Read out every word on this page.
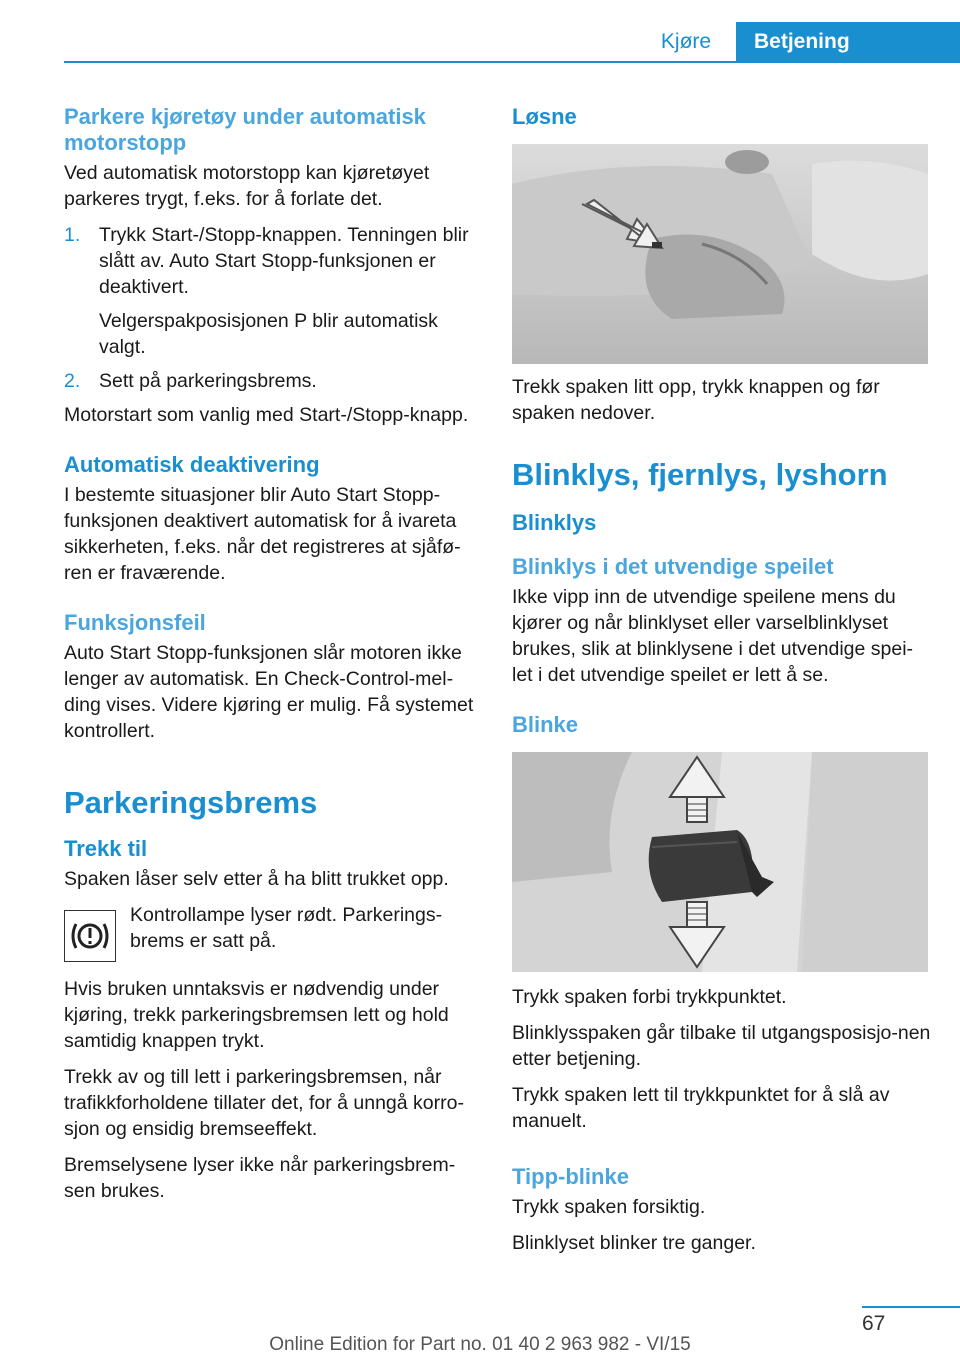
Kjøre	Betjening
Parkere kjøretøy under automatisk motorstopp

Ved automatisk motorstopp kan kjøretøyet parkeres trygt, f.eks. for å forlate det.

1. Trykk Start-/Stopp-knappen. Tenningen blir slått av. Auto Start Stopp-funksjonen er deaktivert.

Velgerspakposisjonen P blir automatisk valgt.

2. Sett på parkeringsbrems.

Motorstart som vanlig med Start-/Stopp-knapp.

Automatisk deaktivering

I bestemte situasjoner blir Auto Start Stopp-funksjonen deaktivert automatisk for å ivareta sikkerheten, f.eks. når det registreres at sjåfø-ren er fraværende.

Funksjonsfeil

Auto Start Stopp-funksjonen slår motoren ikke lenger av automatisk. En Check-Control-mel-ding vises. Videre kjøring er mulig. Få systemet kontrollert.

Parkeringsbrems
Trekk til

Spaken låser selv etter å ha blitt trukket opp.

Kontrollampe lyser rødt. Parkerings-brems er satt på.

Hvis bruken unntaksvis er nødvendig under kjøring, trekk parkeringsbremsen lett og hold samtidig knappen trykt.

Trekk av og till lett i parkeringsbremsen, når trafikkforholdene tillater det, for å unngå korro-sjon og ensidig bremseeffekt.

Bremselysene lyser ikke når parkeringsbrem-sen brukes.

Løsne

Trekk spaken litt opp, trykk knappen og før spaken nedover.

Blinklys, fjernlys, lyshorn
Blinklys
Blinklys i det utvendige speilet

Ikke vipp inn de utvendige speilene mens du kjører og når blinklyset eller varselblinklyset brukes, slik at blinklysene i det utvendige spei-let i det utvendige speilet er lett å se.

Blinke

Trykk spaken forbi trykkpunktet.

Blinklysspaken går tilbake til utgangsposisjo-nen etter betjening.

Trykk spaken lett til trykkpunktet for å slå av manuelt.

Tipp-blinke

Trykk spaken forsiktig.

Blinklyset blinker tre ganger.

67
Online Edition for Part no. 01 40 2 963 982 - VI/15
